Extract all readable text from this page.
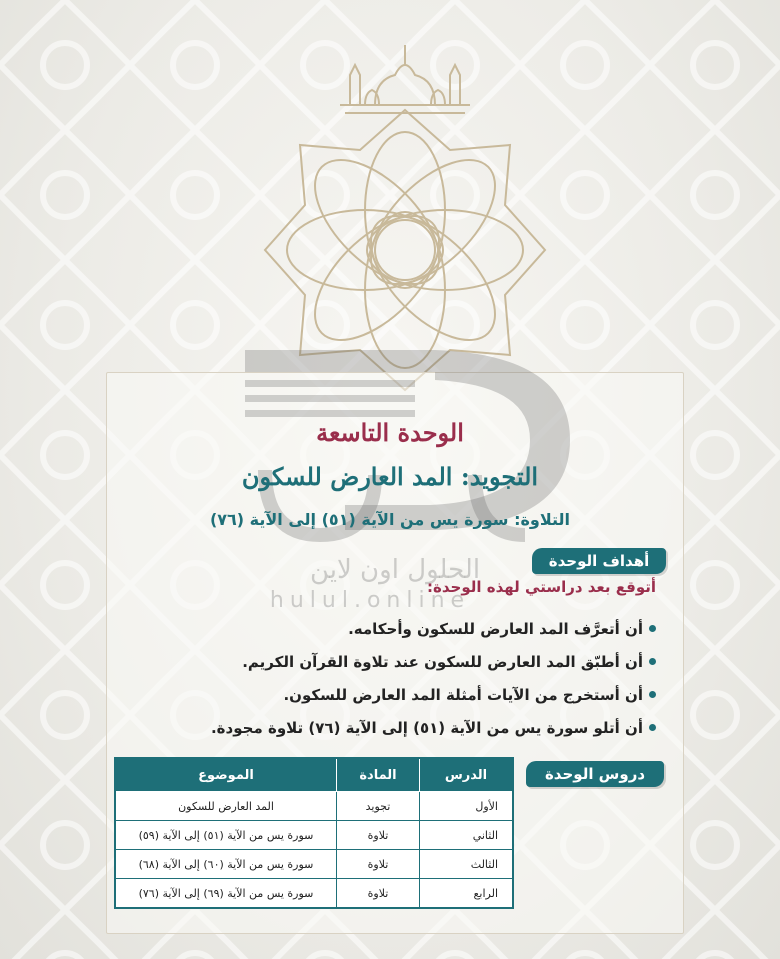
الوحدة التاسعة
التجويد: المد العارض للسكون
التلاوة: سورة يس من الآية (٥١) إلى الآية (٧٦)
الحلول اون لاين
hulul.online
أهداف الوحدة
أتوقع بعد دراستي لهذه الوحدة:
أن أتعرَّف المد العارض للسكون وأحكامه.
أن أطبّق المد العارض للسكون عند تلاوة القرآن الكريم.
أن أستخرج من الآيات أمثلة المد العارض للسكون.
أن أتلو سورة يس من الآية (٥١) إلى الآية (٧٦) تلاوة مجودة.
دروس الوحدة
الدرس	المادة	الموضوع
الأول	تجويد	المد العارض للسكون
الثاني	تلاوة	سورة يس من الآية (٥١) إلى الآية (٥٩)
الثالث	تلاوة	سورة يس من الآية (٦٠) إلى الآية (٦٨)
الرابع	تلاوة	سورة يس من الآية (٦٩) إلى الآية (٧٦)
